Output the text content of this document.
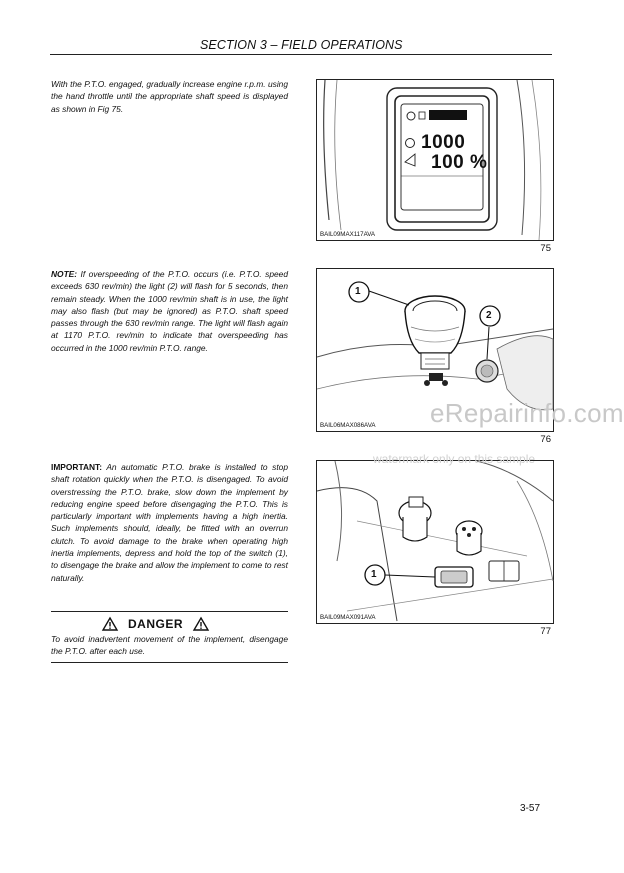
SECTION 3 – FIELD OPERATIONS
With the P.T.O. engaged, gradually increase engine r.p.m. using the hand throttle until the appropriate shaft speed is displayed as shown in Fig 75.
NOTE: If overspeeding of the P.T.O. occurs (i.e. P.T.O. speed exceeds 630 rev/min) the light (2) will flash for 5 seconds, then remain steady. When the 1000 rev/min shaft is in use, the light may also flash (but may be ignored) as P.T.O. shaft speed passes through the 630 rev/min range. The light will flash again at 1170 P.T.O. rev/min to indicate that overspeeding has occurred in the 1000 rev/min P.T.O. range.
IMPORTANT: An automatic P.T.O. brake is installed to stop shaft rotation quickly when the P.T.O. is disengaged. To avoid overstressing the P.T.O. brake, slow down the implement by reducing engine speed before disengaging the P.T.O. This is particularly important with implements having a high inertia. Such implements should, ideally, be fitted with an overrun clutch. To avoid damage to the brake when operating high inertia implements, depress and hold the top of the switch (1), to disengage the brake and allow the implement to come to rest naturally.
DANGER
To avoid inadvertent movement of the implement, disengage the P.T.O. after each use.
1000
100 %
BAIL09MAX117AVA
75
1
2
BAIL06MAX086AVA
76
1
BAIL09MAX091AVA
77
eRepairinfo.com
watermark only on this sample
3-57
